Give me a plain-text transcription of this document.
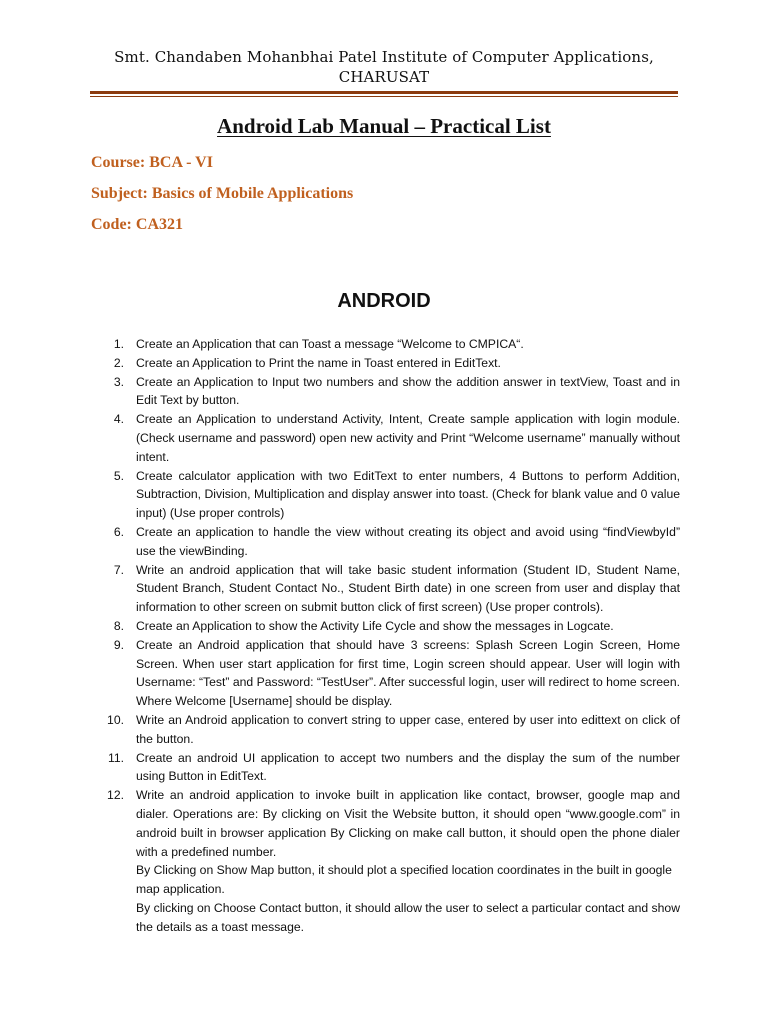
Smt. Chandaben Mohanbhai Patel Institute of Computer Applications,
CHARUSAT
Android Lab Manual – Practical List
Course: BCA - VI
Subject: Basics of Mobile Applications
Code: CA321
ANDROID
1. Create an Application that can Toast a message “Welcome to CMPICA“.
2. Create an Application to Print the name in Toast entered in EditText.
3. Create an Application to Input two numbers and show the addition answer in textView, Toast and in Edit Text by button.
4. Create an Application to understand Activity, Intent, Create sample application with login module. (Check username and password) open new activity and Print “Welcome username” manually without intent.
5. Create calculator application with two EditText to enter numbers, 4 Buttons to perform Addition, Subtraction, Division, Multiplication and display answer into toast. (Check for blank value and 0 value input) (Use proper controls)
6. Create an application to handle the view without creating its object and avoid using “findViewbyId” use the viewBinding.
7. Write an android application that will take basic student information (Student ID, Student Name, Student Branch, Student Contact No., Student Birth date) in one screen from user and display that information to other screen on submit button click of first screen) (Use proper controls).
8. Create an Application to show the Activity Life Cycle and show the messages in Logcate.
9. Create an Android application that should have 3 screens: Splash Screen Login Screen, Home Screen. When user start application for first time, Login screen should appear. User will login with Username: “Test” and Password: “TestUser”. After successful login, user will redirect to home screen. Where Welcome [Username] should be display.
10. Write an Android application to convert string to upper case, entered by user into edittext on click of the button.
11. Create an android UI application to accept two numbers and the display the sum of the number using Button in EditText.
12. Write an android application to invoke built in application like contact, browser, google map and dialer. Operations are: By clicking on Visit the Website button, it should open “www.google.com” in android built in browser application By Clicking on make call button, it should open the phone dialer with a predefined number.
By Clicking on Show Map button, it should plot a specified location coordinates in the built in google map application.
By clicking on Choose Contact button, it should allow the user to select a particular contact and show the details as a toast message.
